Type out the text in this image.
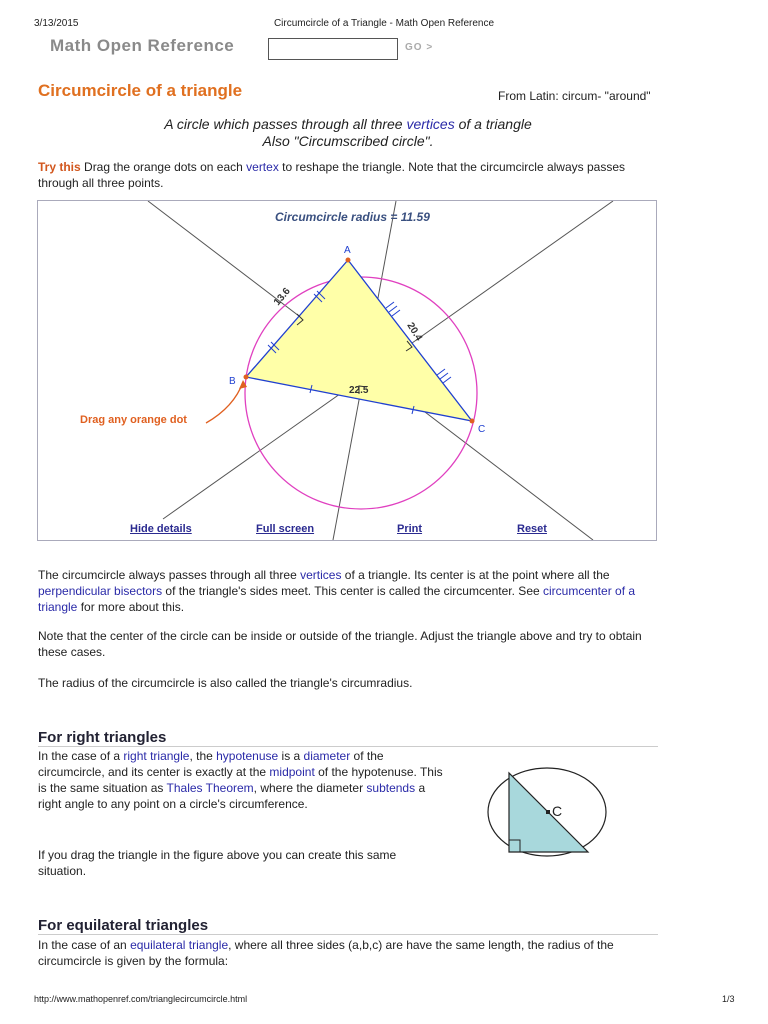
3/13/2015	Circumcircle of a Triangle - Math Open Reference
Math Open Reference	GO >
Circumcircle of a triangle	From Latin: circum- "around"
A circle which passes through all three vertices of a triangle
Also "Circumscribed circle".
Try this Drag the orange dots on each vertex to reshape the triangle. Note that the circumcircle always passes through all three points.
Circumcircle radius = 11.59
A
B
C
13.6
20.4
22.5
Drag any orange dot
Hide details	Full screen	Print	Reset
The circumcircle always passes through all three vertices of a triangle. Its center is at the point where all the perpendicular bisectors of the triangle's sides meet. This center is called the circumcenter. See circumcenter of a triangle for more about this.
Note that the center of the circle can be inside or outside of the triangle. Adjust the triangle above and try to obtain these cases.
The radius of the circumcircle is also called the triangle's circumradius.
For right triangles
In the case of a right triangle, the hypotenuse is a diameter of the circumcircle, and its center is exactly at the midpoint of the hypotenuse. This is the same situation as Thales Theorem, where the diameter subtends a right angle to any point on a circle's circumference.
If you drag the triangle in the figure above you can create this same situation.
C
For equilateral triangles
In the case of an equilateral triangle, where all three sides (a,b,c) are have the same length, the radius of the circumcircle is given by the formula:
http://www.mathopenref.com/trianglecircumcircle.html	1/3
